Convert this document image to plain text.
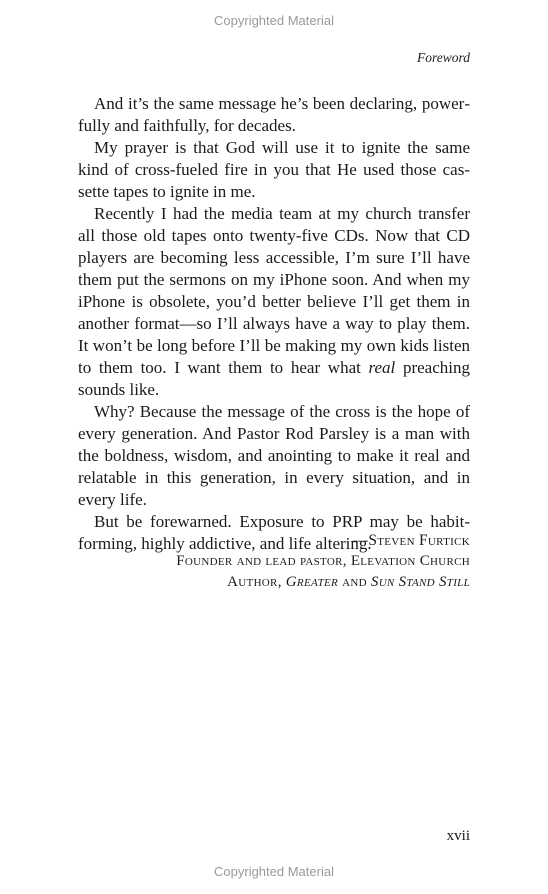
Copyrighted Material
Foreword

And it’s the same message he’s been declaring, powerfully and faithfully, for decades.

My prayer is that God will use it to ignite the same kind of cross-fueled fire in you that He used those cassette tapes to ignite in me.

Recently I had the media team at my church transfer all those old tapes onto twenty-five CDs. Now that CD players are becoming less accessible, I’m sure I’ll have them put the sermons on my iPhone soon. And when my iPhone is obsolete, you’d better believe I’ll get them in another format—so I’ll always have a way to play them. It won’t be long before I’ll be making my own kids listen to them too. I want them to hear what real preaching sounds like.

Why? Because the message of the cross is the hope of every generation. And Pastor Rod Parsley is a man with the boldness, wisdom, and anointing to make it real and relatable in this generation, in every situation, and in every life.

But be forewarned. Exposure to PRP may be habitforming, highly addictive, and life altering.

—Steven Furtick
Founder and lead pastor, Elevation Church
Author, Greater and Sun Stand Still
xvii
Copyrighted Material
